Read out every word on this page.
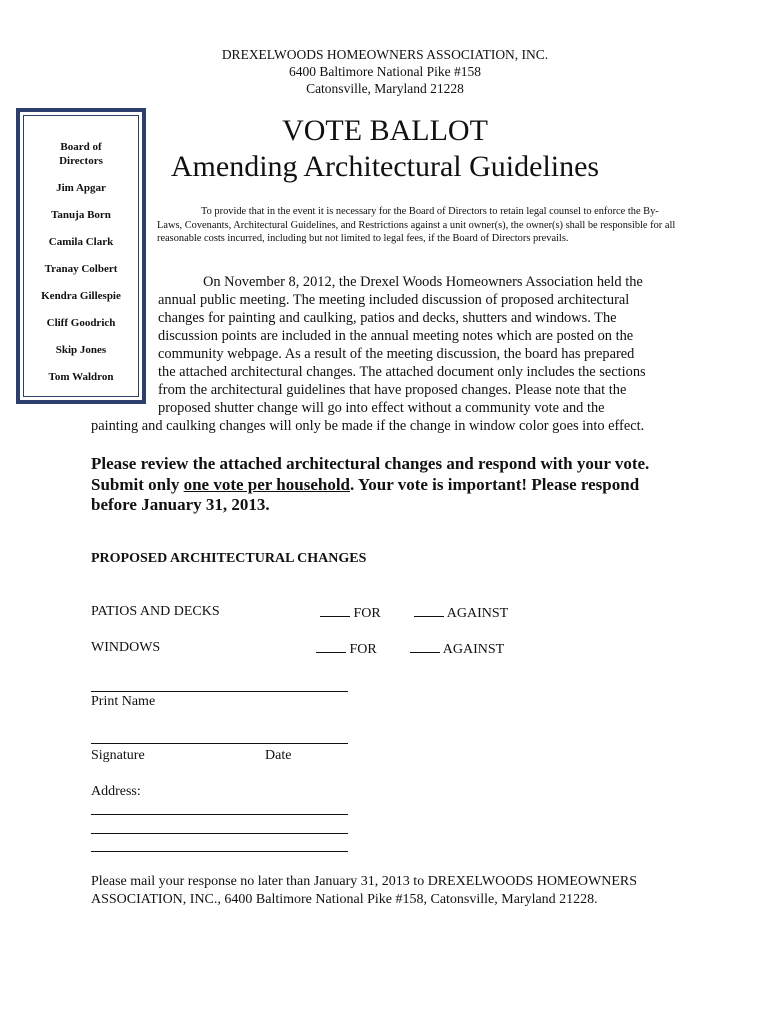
DREXELWOODS HOMEOWNERS ASSOCIATION, INC.
6400 Baltimore National Pike #158
Catonsville, Maryland 21228

Board of

Directors

Jim Apgar

Tanuja Born

Camila Clark

Tranay Colbert

Kendra Gillespie

Cliff Goodrich

Skip Jones

Tom Waldron

VOTE BALLOT
Amending Architectural Guidelines
To provide that in the event it is necessary for the Board of Directors to retain legal counsel to enforce the By-Laws, Covenants, Architectural Guidelines, and Restrictions against a unit owner(s), the owner(s) shall be responsible for all reasonable costs incurred, including but not limited to legal fees, if the Board of Directors prevails.
On November 8, 2012, the Drexel Woods Homeowners Association held the
annual public meeting. The meeting included discussion of proposed architectural
changes for painting and caulking, patios and decks, shutters and windows. The
discussion points are included in the annual meeting notes which are posted on the
community webpage. As a result of the meeting discussion, the board has prepared
the attached architectural changes. The attached document only includes the sections
from the architectural guidelines that have proposed changes. Please note that the
proposed shutter change will go into effect without a community vote and the
painting and caulking changes will only be made if the change in window color goes into effect.
Please review the attached architectural changes and respond with your vote.
Submit only one vote per household. Your vote is important! Please respond
before January 31, 2013.
PROPOSED ARCHITECTURAL CHANGES
PATIOS AND DECKS	FOR	AGAINST
WINDOWS	FOR	AGAINST
Print Name
Signature	Date
Address:
Please mail your response no later than January 31, 2013 to DREXELWOODS HOMEOWNERS
ASSOCIATION, INC., 6400 Baltimore National Pike #158, Catonsville, Maryland 21228.
